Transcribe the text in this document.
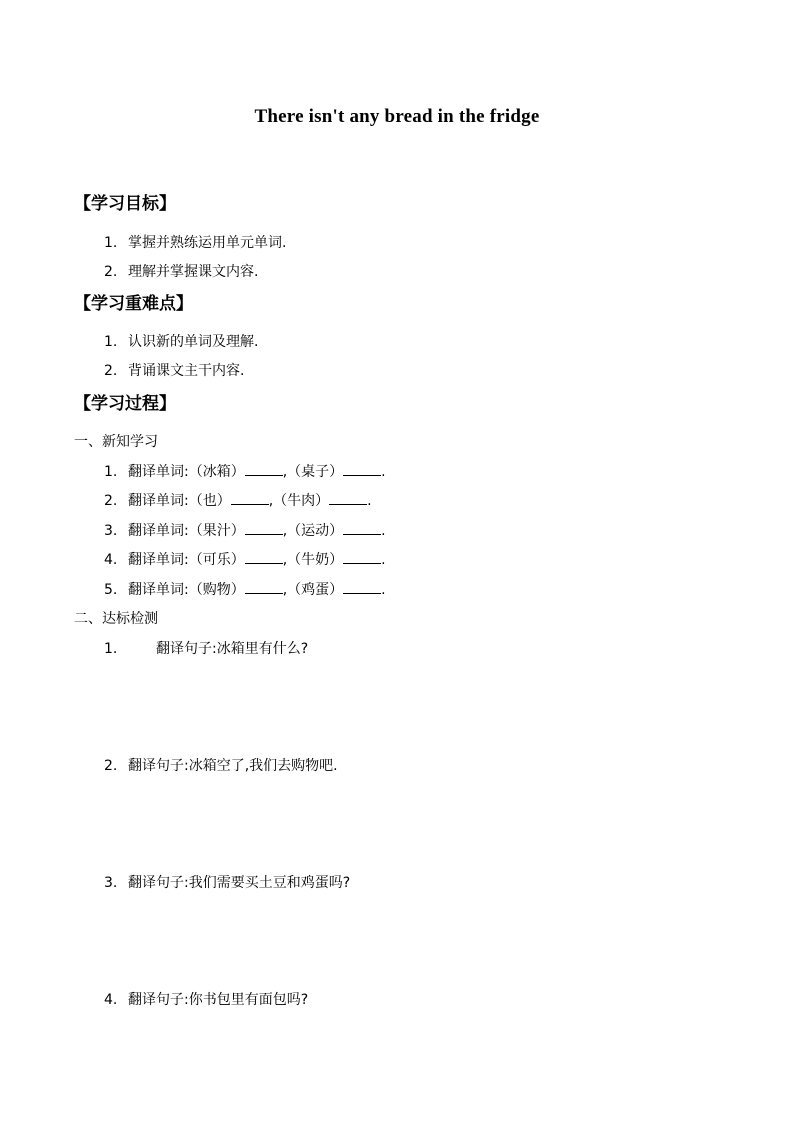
There isn't any bread in the fridge
【学习目标】
1. 掌握并熟练运用单元单词.
2. 理解并掌握课文内容.
【学习重难点】
1. 认识新的单词及理解.
2. 背诵课文主干内容.
【学习过程】
一、新知学习
1. 翻译单词:（冰箱）	,（桌子）	.
2. 翻译单词:（也）	,（牛肉）	.
3. 翻译单词:（果汁）	,（运动）	.
4. 翻译单词:（可乐）	,（牛奶）	.
5. 翻译单词:（购物）	,（鸡蛋）	.
二、达标检测
1.	翻译句子:冰箱里有什么?
2. 翻译句子:冰箱空了,我们去购物吧.
3. 翻译句子:我们需要买土豆和鸡蛋吗?
4. 翻译句子:你书包里有面包吗?
